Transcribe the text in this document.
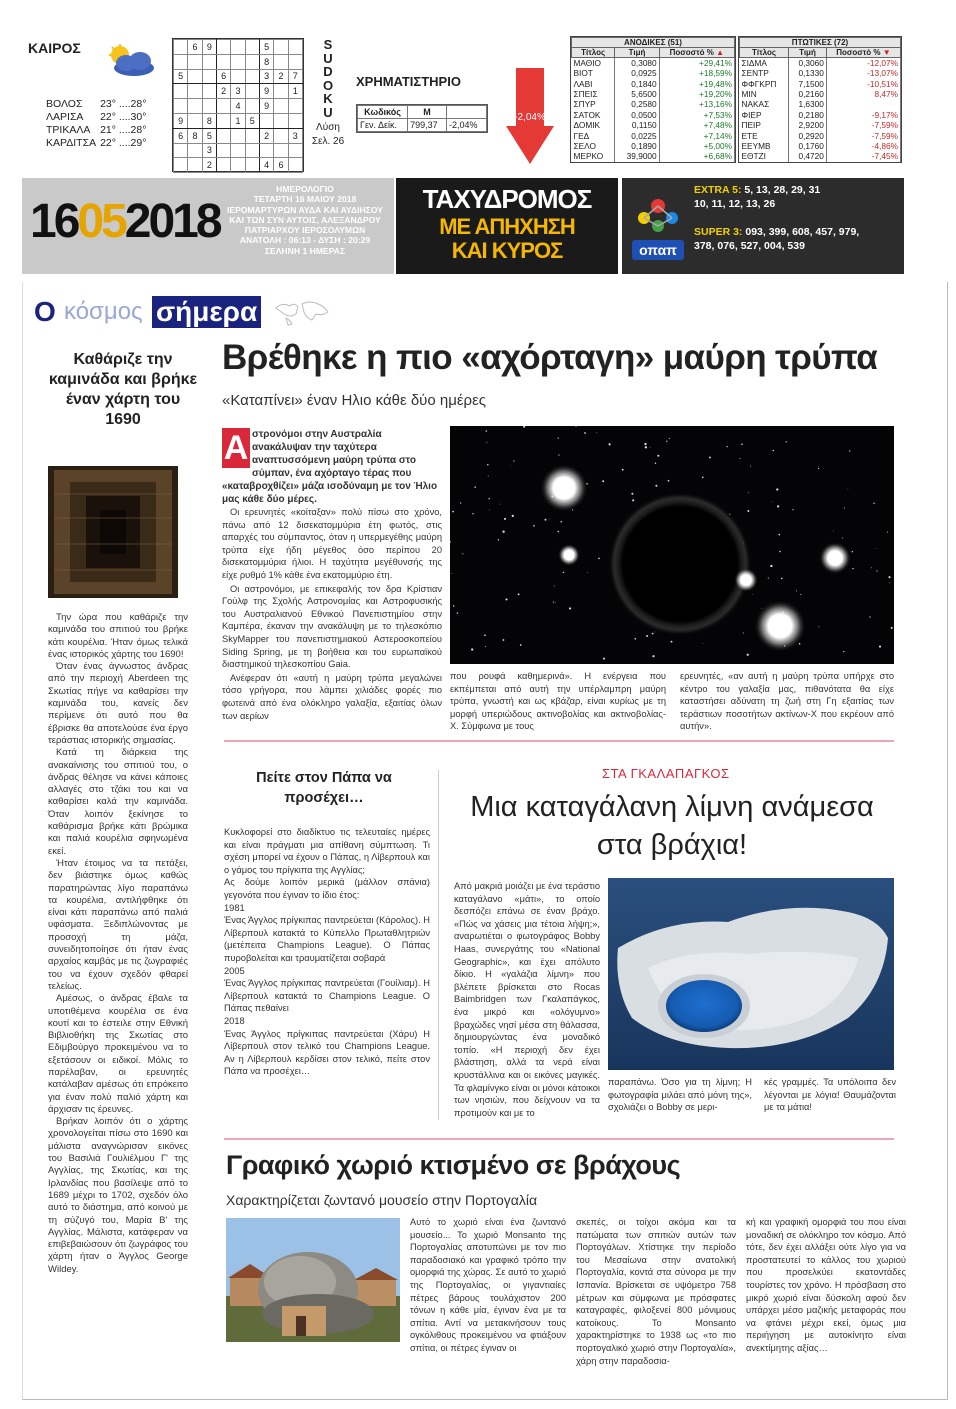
ΚΑΙΡΟΣ
ΒΟΛΟΣ	23° ....28°
ΛΑΡΙΣΑ	22° ....30°
ΤΡΙΚΑΛΑ	21° ....28°
ΚΑΡΔΙΤΣΑ	22° ....29°
	6	9				5		
						8		
5			6			3	2	7
			2	3		9		1
				4		9		
9		8		1	5			
6	8	5				2		3
		3						
		2				4	6	
S
U
D
O
K
U
Λύση
Σελ. 26
ΧΡΗΜΑΤΙΣΤΗΡΙΟ
Κωδικός	Μ	
Γεν. Δείκ.	799,37	-2,04%
-2,04%
ΑΝΟΔΙΚΕΣ (51)		
Τίτλος	Τιμή	Ποσοστό % ▲
ΜΑΘΙΟ	0,3080	+29,41%
ΒΙΟΤ	0,0925	+18,59%
ΛΑΒΙ	0,1840	+19,48%
ΣΠΕΙΣ	5,6500	+19,20%
ΣΠΥΡ	0,2580	+13,16%
ΣΑΤΟΚ	0,0500	+7,53%
ΔΟΜΙΚ	0,1150	+7,48%
ΓΕΔ	0,0225	+7,14%
ΣΕΛΟ	0,1890	+5,00%
ΜΕΡΚΟ	39,9000	+6,68%
ΠΤΩΤΙΚΕΣ (72)		
Τίτλος	Τιμή	Ποσοστό % ▼
ΣΙΔΜΑ	0,3060	-12,07%
ΣΕΝΤΡ	0,1330	-13,07%
ΦΦΓΚΡΠ	7,1500	-10,51%
ΜΙΝ	0,2160	8,47%
ΝΑΚΑΣ	1,6300	
ΦΙΕΡ	0,2180	-9,17%
ΠΕΙΡ	2,9200	-7,59%
ΕΤΕ	0,2920	-7,59%
ΕΕΥΜΒ	0,1760	-4,86%
ΕΘΤΖΙ	0,4720	-7,45%
16052018
ΗΜΕΡΟΛΟΓΙΟ
ΤΕΤΑΡΤΗ 16 ΜΑΙΟΥ 2018
ΙΕΡΟΜΑΡΤΥΡΩΝ ΑΥΔΑ ΚΑΙ ΑΥΔΙΗΣΟΥ
ΚΑΙ ΤΩΝ ΣΥΝ ΑΥΤΟΙΣ, ΑΛΕΞΑΝΔΡΟΥ
ΠΑΤΡΙΑΡΧΟΥ ΙΕΡΟΣΟΛΥΜΩΝ
ΑΝΑΤΟΛΗ : 06:13 - ΔΥΣΗ : 20:29
ΣΕΛΗΝΗ 1 ΗΜΕΡΑΣ
ΤΑΧΥΔΡΟΜΟΣ
ΜΕ ΑΠΗΧΗΣΗ
ΚΑΙ ΚΥΡΟΣ	οπαπ
EXTRA 5: 5, 13, 28, 29, 31
10, 11, 12, 13, 26
SUPER 3: 093, 399, 608, 457, 979,
378, 076, 527, 004, 539
Ο κόσμος σήμερα
Καθάριζε την καμινάδα και βρήκε έναν χάρτη του 1690

Την ώρα που καθάριζε την καμινάδα του σπιτιού του βρήκε κάτι κουρέλια. Ήταν όμως τελικά ένας ιστορικός χάρτης του 1690!

Όταν ένας άγνωστος άνδρας από την περιοχή Aberdeen της Σκωτίας πήγε να καθαρίσει την καμινάδα του, κανείς δεν περίμενε ότι αυτό που θα έβρισκε θα αποτελούσε ένα έργο τεράστιας ιστορικής σημασίας.

Κατά τη διάρκεια της ανακαίνισης του σπιτιού του, ο άνδρας θέλησε να κάνει κάποιες αλλαγές στο τζάκι του και να καθαρίσει καλά την καμινάδα. Όταν λοιπόν ξεκίνησε το καθάρισμα βρήκε κάτι βρώμικα και παλιά κουρέλια σφηνωμένα εκεί.

Ήταν έτοιμος να τα πετάξει, δεν βιάστηκε όμως καθώς παρατηρώντας λίγο παραπάνω τα κουρέλια, αντιλήφθηκε ότι είναι κάτι παραπάνω από παλιά υφάσματα. Ξεδιπλώνοντας με προσοχή τη μάζα, συνειδητοποίησε ότι ήταν ένας αρχαίος καμβάς με τις ζωγραφιές του να έχουν σχεδόν φθαρεί τελείως.

Αμέσως, ο άνδρας έβαλε τα υποτιθέμενα κουρέλια σε ένα κουτί και το έστειλε στην Εθνική Βιβλιοθήκη της Σκωτίας στο Εδιμβούργο προκειμένου να το εξετάσουν οι ειδικοί. Μόλις το παρέλαβαν, οι ερευνητές κατάλαβαν αμέσως ότι επρόκειτο για έναν πολύ παλιό χάρτη και άρχισαν τις έρευνες.

Βρήκαν λοιπόν ότι ο χάρτης χρονολογείται πίσω στο 1690 και μάλιστα αναγνώρισαν εικόνες του Βασιλιά Γουλιέλμου Γ' της Αγγλίας, της Σκωτίας, και της Ιρλανδίας που βασίλεψε από το 1689 μέχρι το 1702, σχεδόν όλο αυτό το διάστημα, από κοινού με τη σύζυγό του, Μαρία Β' της Αγγλίας. Μάλιστα, κατάφεραν να επιβεβαιώσουν ότι ζωγράφος του χάρτη ήταν ο Άγγλος George Wildey.

Βρέθηκε η πιο «αχόρταγη» μαύρη τρύπα
«Καταπίνει» έναν Ηλιο κάθε δύο ημέρες
στρονόμοι στην Αυστραλία ανακάλυψαν την ταχύτερα αναπτυσσόμενη μαύρη τρύπα στο σύμπαν, ένα αχόρταγο τέρας που «καταβροχθίζει» μάζα ισοδύναμη με τον Ήλιο μας κάθε δύο μέρες.
Α

Οι ερευνητές «κοίταξαν» πολύ πίσω στο χρόνο, πάνω από 12 δισεκατομμύρια έτη φωτός, στις απαρχές του σύμπαντος, όταν η υπερμεγέθης μαύρη τρύπα είχε ήδη μέγεθος όσο περίπου 20 δισεκατομμύρια ήλιοι. Η ταχύτητα μεγέθυνσής της είχε ρυθμό 1% κάθε ένα εκατομμύριο έτη.

Οι αστρονόμοι, με επικεφαλής τον δρα Κρίστιαν Γούλφ της Σχολής Αστρονομίας και Αστροφυσικής του Αυστραλιανού Εθνικού Πανεπιστημίου στην Καμπέρα, έκαναν την ανακάλυψη με το τηλεσκόπιο SkyMapper του πανεπιστημιακού Αστεροσκοπείου Siding Spring, με τη βοήθεια και του ευρωπαϊκού διαστημικού τηλεσκοπίου Gaia.

Ανέφεραν ότι «αυτή η μαύρη τρύπα μεγαλώνει τόσο γρήγορα, που λάμπει χιλιάδες φορές πιο φωτεινά από ένα ολόκληρο γαλαξία, εξαιτίας όλων των αερίων

που ρουφά καθημερινά». Η ενέργεια που εκπέμπεται από αυτή την υπέρλαμπρη μαύρη τρύπα, γνωστή και ως κβάζαρ, είναι κυρίως με τη μορφή υπεριώδους ακτινοβολίας και ακτινοβολίας-Χ. Σύμφωνα με τους
ερευνητές, «αν αυτή η μαύρη τρύπα υπήρχε στο κέντρο του γαλαξία μας, πιθανότατα θα είχε καταστήσει αδύνατη τη ζωή στη Γη εξαιτίας των τεράστιων ποσοτήτων ακτίνων-Χ που εκρέουν από αυτήν».
Πείτε στον Πάπα να προσέχει…

Κυκλοφορεί στο διαδίκτυο τις τελευταίες ημέρες και είναι πράγματι μια απίθανη σύμπτωση. Τι σχέση μπορεί να έχουν ο Πάπας, η Λίβερπουλ και ο γάμος του πρίγκιπα της Αγγλίας;

Ας δούμε λοιπόν μερικά (μάλλον σπάνια) γεγονότα που έγιναν το ίδιο έτος:

1981

Ένας Άγγλος πρίγκιπας παντρεύεται (Κάρολος). Η Λίβερπουλ κατακτά το Κύπελλο Πρωταθλητριών (μετέπειτα Champions League). Ο Πάπας πυροβολείται και τραυματίζεται σοβαρά

2005

Ένας Άγγλος πρίγκιπας παντρεύεται (Γουίλιαμ). Η Λίβερπουλ κατακτά το Champions League. Ο Πάπας πεθαίνει

2018

Ένας Άγγλος πρίγκιπας παντρεύεται (Χάρυ) Η Λίβερπουλ στον τελικό του Champions League. Αν η Λίβερπουλ κερδίσει στον τελικό, πείτε στον Πάπα να προσέχει…

ΣΤΑ ΓΚΑΛΑΠΑΓΚΟΣ
Μια καταγάλανη λίμνη ανάμεσα στα βράχια!
Από μακριά μοιάζει με ένα τεράστιο καταγάλανο «μάτι», το οποίο δεσπόζει επάνω σε έναν βράχο. «Πώς να χάσεις μια τέτοια λήψη;», αναρωτιέται ο φωτογράφος Bobby Haas, συνεργάτης του «National Geographic», και έχει απόλυτο δίκιο. Η «γαλάζια λίμνη» που βλέπετε βρίσκεται στο Rocas Baimbridgen των Γκαλαπάγκος, ένα μικρό και «ολόγυμνο» βραχώδες νησί μέσα στη θάλασσα, δημιουργώντας ένα μοναδικό τοπίο. «Η περιοχή δεν έχει βλάστηση, αλλά τα νερά είναι κρυστάλλινα και οι εικόνες μαγικές. Τα φλαμίνγκο είναι οι μόνοι κάτοικοι των νησιών, που δείχνουν να τα προτιμούν και με το
παραπάνω. Όσο για τη λίμνη; Η φωτογραφία μιλάει από μόνη της», σχολιάζει ο Bobby σε μερι-
κές γραμμές. Τα υπόλοιπα δεν λέγονται με λόγια! Θαυμάζονται με τα μάτια!
Γραφικό χωριό κτισμένο σε βράχους
Χαρακτηρίζεται ζωντανό μουσείο στην Πορτογαλία
Αυτό το χωριό είναι ένα ζωντανό μουσείο... Το χωριό Monsanto της Πορτογαλίας αποτυπώνει με τον πιο παραδοσιακό και γραφικό τρόπο την ομορφιά της χώρας. Σε αυτό το χωριό της Πορτογαλίας, οι γιγαντιαίες πέτρες βάρους τουλάχιστον 200 τόνων η κάθε μία, έγιναν ένα με τα σπίτια. Αντί να μετακινήσουν τους ογκόλιθους προκειμένου να φτιάξουν σπίτια, οι πέτρες έγιναν οι
σκεπές, οι τοίχοι ακόμα και τα πατώματα των σπιτιών αυτών των Πορτογάλων. Χτίστηκε την περίοδο του Μεσαίωνα στην ανατολική Πορτογαλία, κοντά στα σύνορα με την Ισπανία. Βρίσκεται σε υψόμετρο 758 μέτρων και σύμφωνα με πρόσφατες καταγραφές, φιλοξενεί 800 μόνιμους κατοίκους. Το Monsanto χαρακτηρίστηκε το 1938 ως «το πιο πορτογαλικό χωριό στην Πορτογαλία», χάρη στην παραδοσια-
κή και γραφική ομορφιά του που είναι μοναδική σε ολόκληρο τον κόσμο. Από τότε, δεν έχει αλλάξει ούτε λίγο για να προστατευτεί το κάλλος του χωριού που προσελκύει εκατοντάδες τουρίστες τον χρόνο. Η πρόσβαση στο μικρό χωριό είναι δύσκολη αφού δεν υπάρχει μέσο μαζικής μεταφοράς που να φτάνει μέχρι εκεί, όμως μια περιήγηση με αυτοκίνητο είναι ανεκτίμητης αξίας…
